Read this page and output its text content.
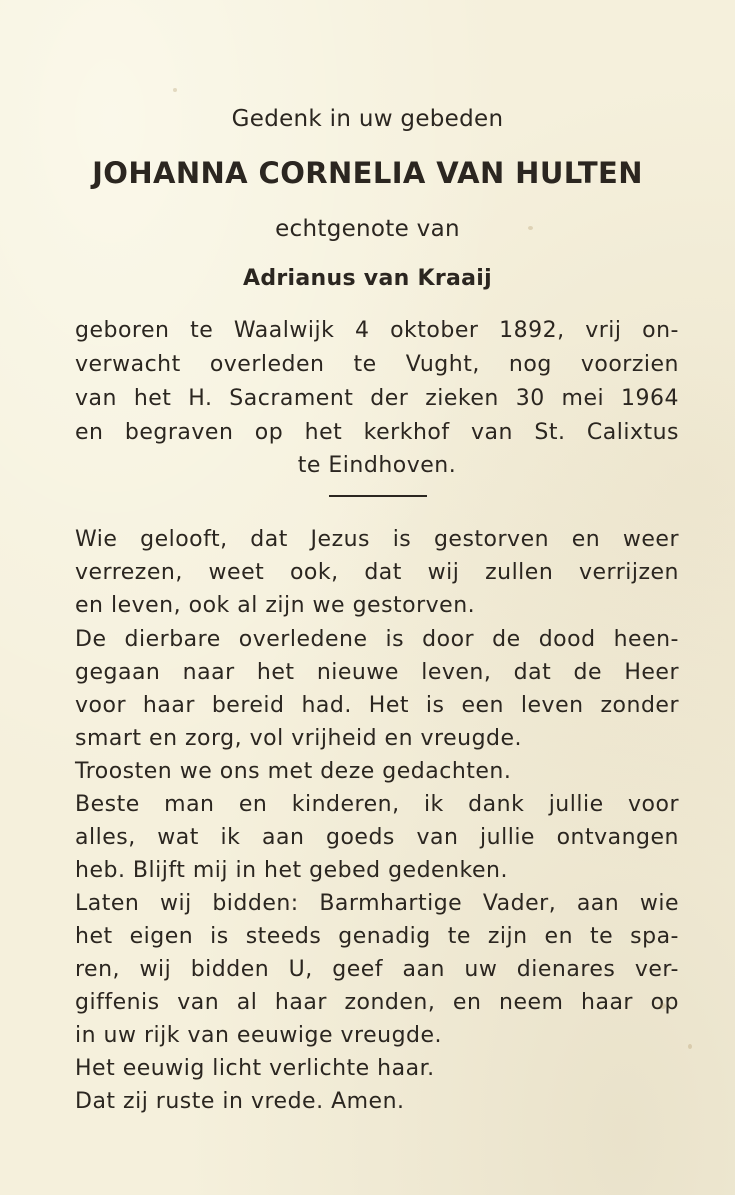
Gedenk in uw gebeden
JOHANNA CORNELIA VAN HULTEN
echtgenote van
Adrianus van Kraaij
geboren te Waalwijk 4 oktober 1892, vrij on-
verwacht overleden te Vught, nog voorzien
van het H. Sacrament der zieken 30 mei 1964
en begraven op het kerkhof van St. Calixtus
te Eindhoven.
Wie gelooft, dat Jezus is gestorven en weer
verrezen, weet ook, dat wij zullen verrijzen
en leven, ook al zijn we gestorven.
De dierbare overledene is door de dood heen-
gegaan naar het nieuwe leven, dat de Heer
voor haar bereid had. Het is een leven zonder
smart en zorg, vol vrijheid en vreugde.
Troosten we ons met deze gedachten.
Beste man en kinderen, ik dank jullie voor
alles, wat ik aan goeds van jullie ontvangen
heb. Blijft mij in het gebed gedenken.
Laten wij bidden: Barmhartige Vader, aan wie
het eigen is steeds genadig te zijn en te spa-
ren, wij bidden U, geef aan uw dienares ver-
giffenis van al haar zonden, en neem haar op
in uw rijk van eeuwige vreugde.
Het eeuwig licht verlichte haar.
Dat zij ruste in vrede. Amen.
